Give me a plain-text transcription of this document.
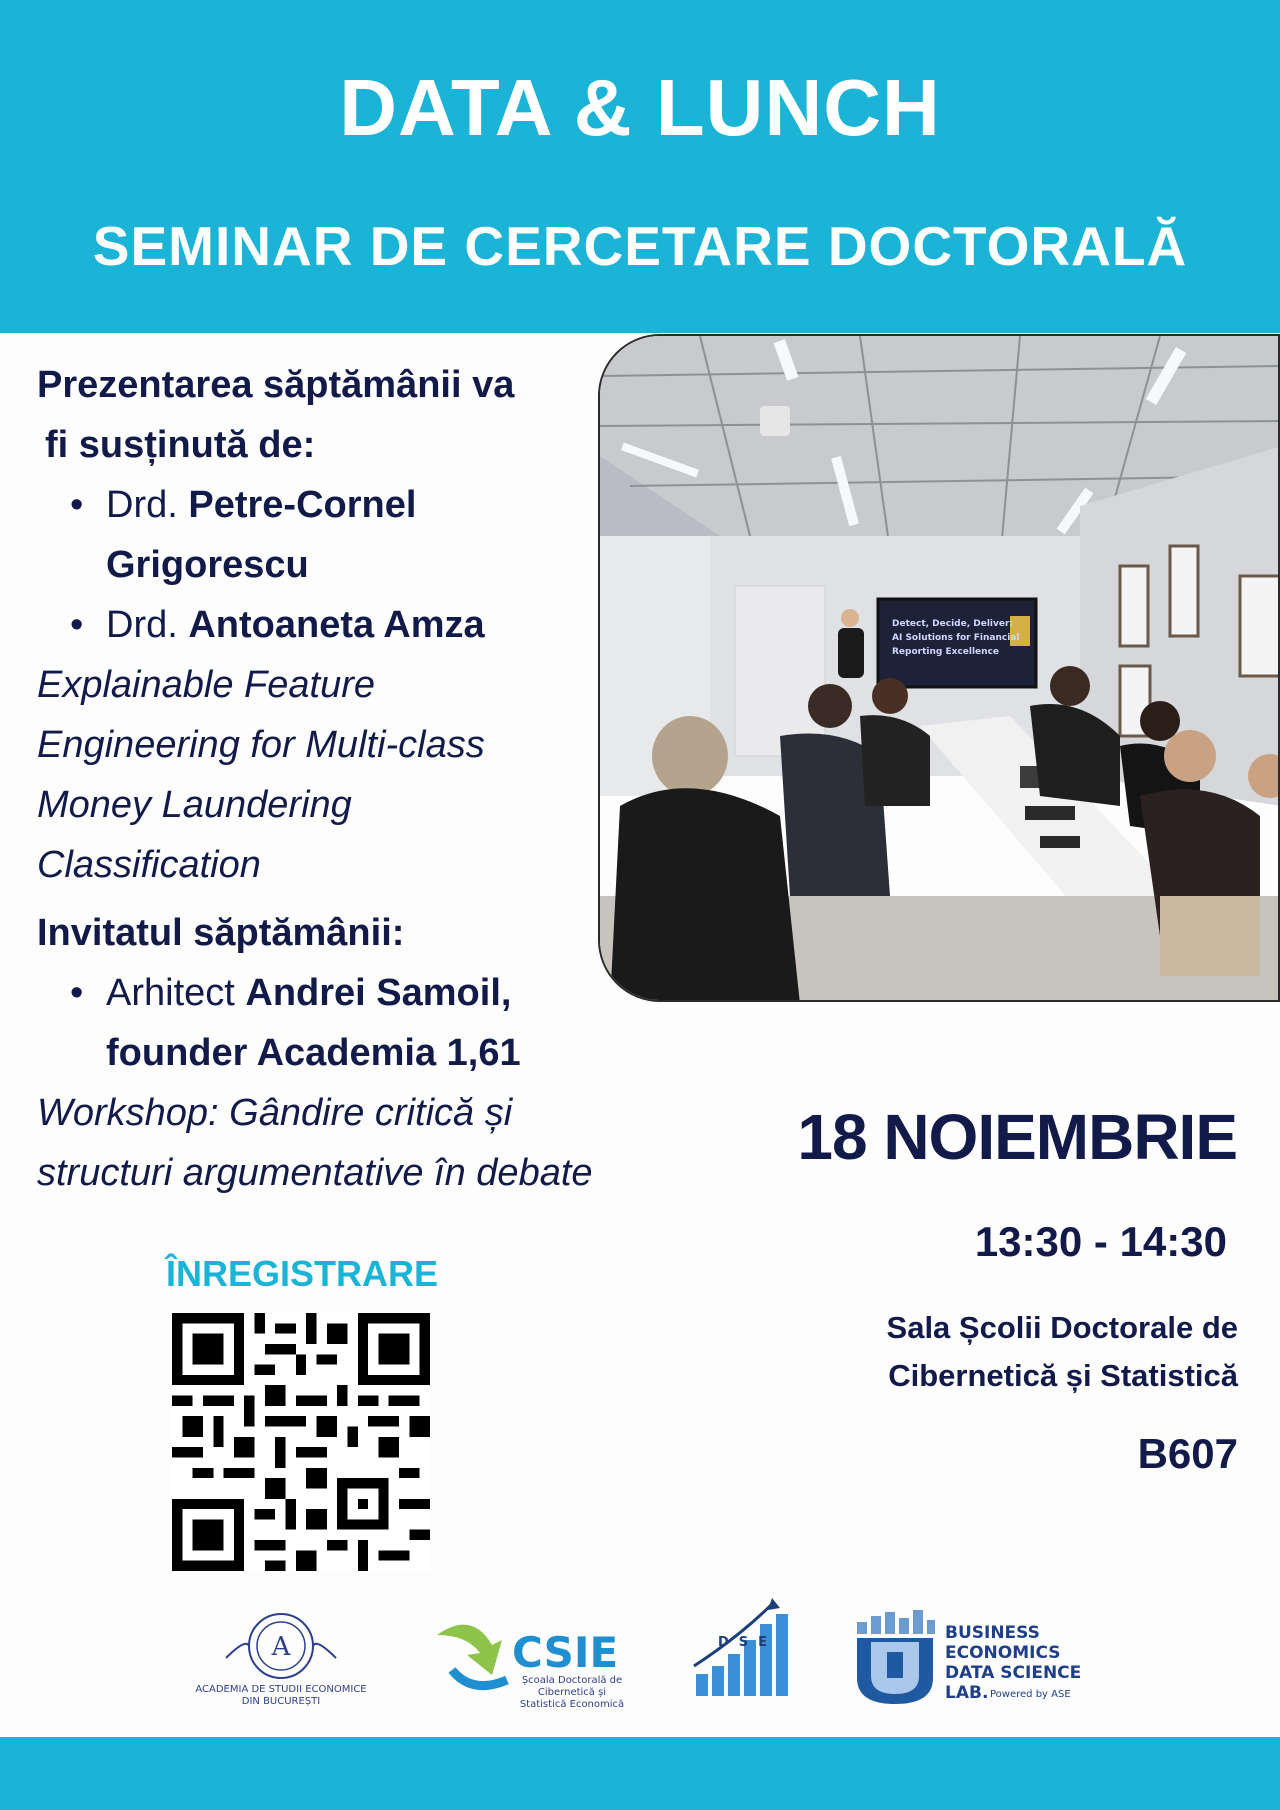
DATA & LUNCH
SEMINAR DE CERCETARE DOCTORALĂ
Prezentarea săptămânii va
fi susținută de:
• Drd. Petre-Cornel
Grigorescu
• Drd. Antoaneta Amza
Explainable Feature
Engineering for Multi-class
Money Laundering
Classification
Invitatul săptămânii:
• Arhitect Andrei Samoil,
founder Academia 1,61
Workshop: Gândire critică și
structuri argumentative în debate
Detect, Decide, Deliver:
AI Solutions for Financial
Reporting Excellence
18 NOIEMBRIE
13:30 - 14:30
Sala Școlii Doctorale de
Cibernetică și Statistică
B607
ÎNREGISTRARE
A
ACADEMIA DE STUDII ECONOMICE
DIN BUCUREȘTI
CSIE
Școala Doctorală de
Cibernetică și
Statistică Economică
DSE	BUSINESS
ECONOMICS
DATA SCIENCE
LAB. Powered by ASE
